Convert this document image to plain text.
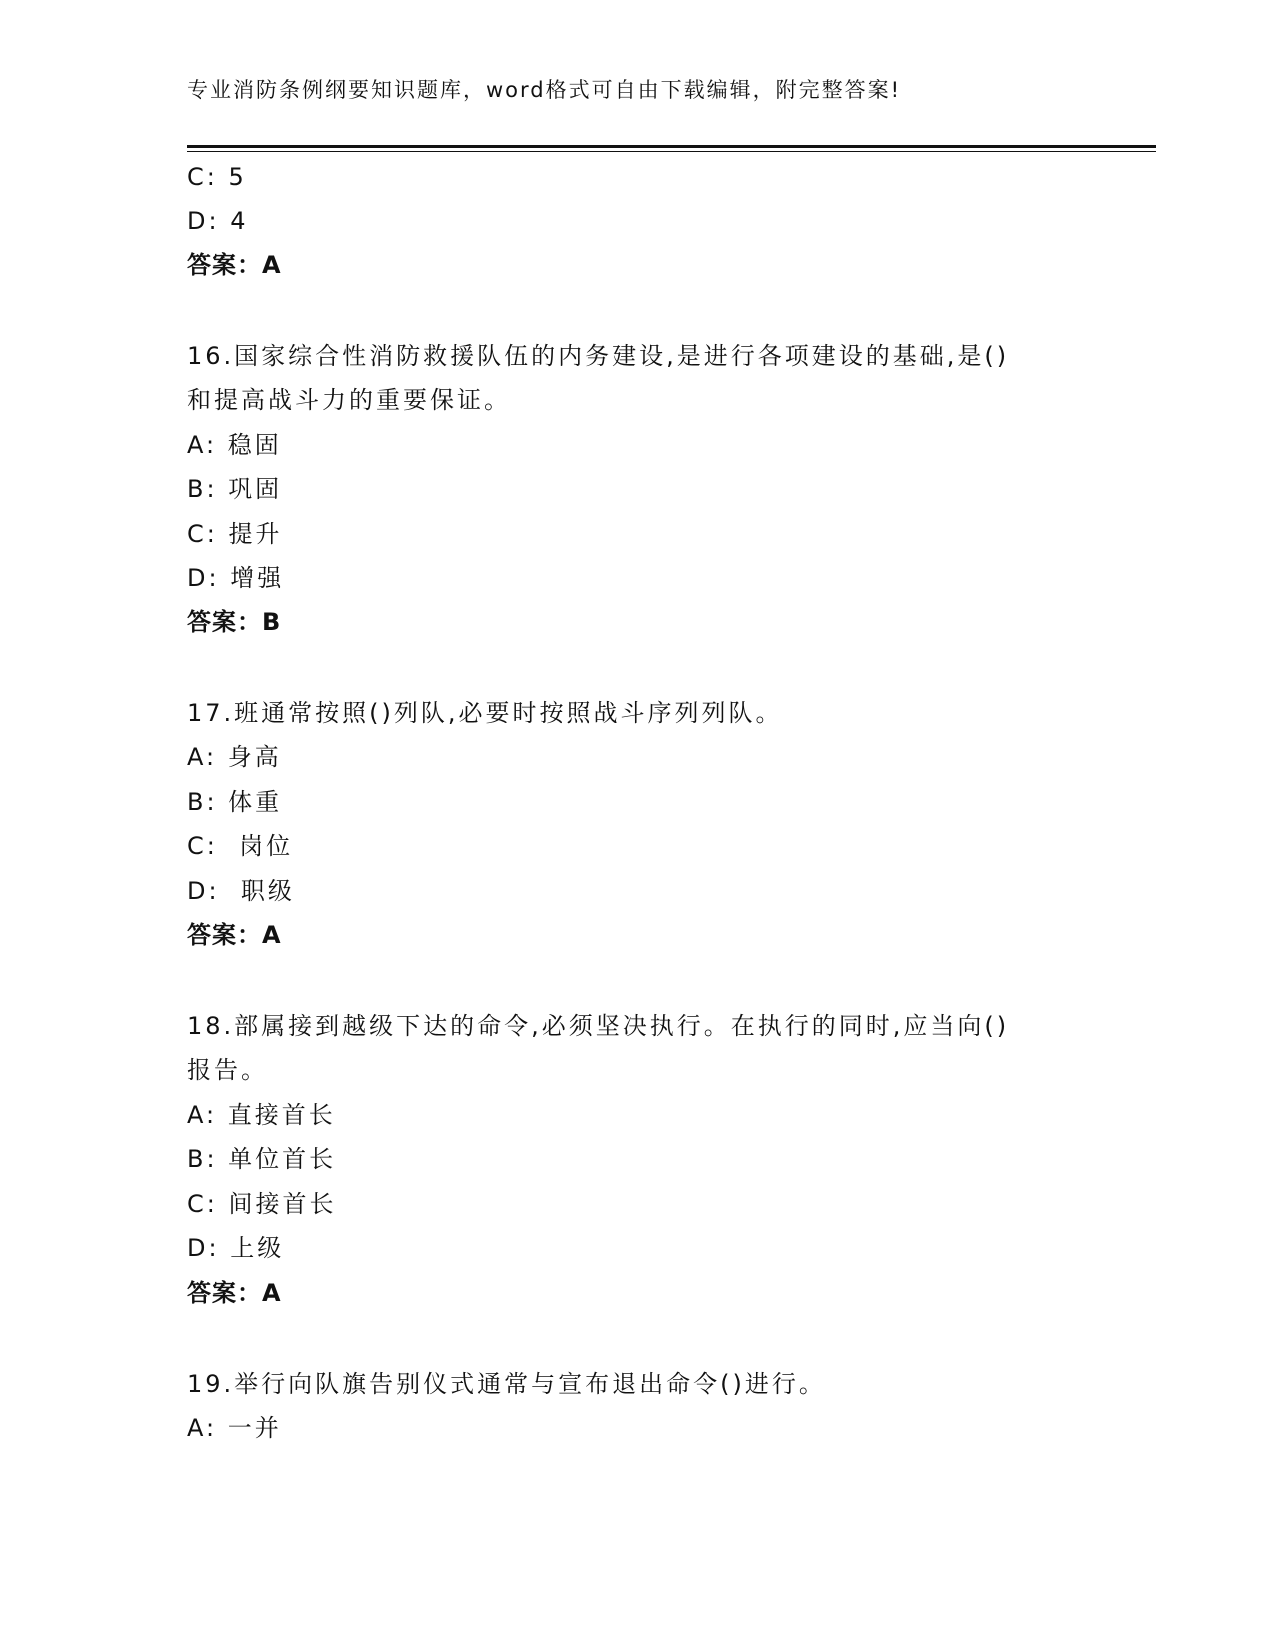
专业消防条例纲要知识题库，word格式可自由下载编辑，附完整答案!
C: 5
D: 4
答案：A
16.国家综合性消防救援队伍的内务建设,是进行各项建设的基础,是()
和提高战斗力的重要保证。
A: 稳固
B: 巩固
C: 提升
D: 增强
答案：B
17.班通常按照()列队,必要时按照战斗序列列队。
A: 身高
B: 体重
C:  岗位
D:  职级
答案：A
18.部属接到越级下达的命令,必须坚决执行。在执行的同时,应当向()
报告。
A: 直接首长
B: 单位首长
C: 间接首长
D: 上级
答案：A
19.举行向队旗告别仪式通常与宣布退出命令()进行。
A: 一并
